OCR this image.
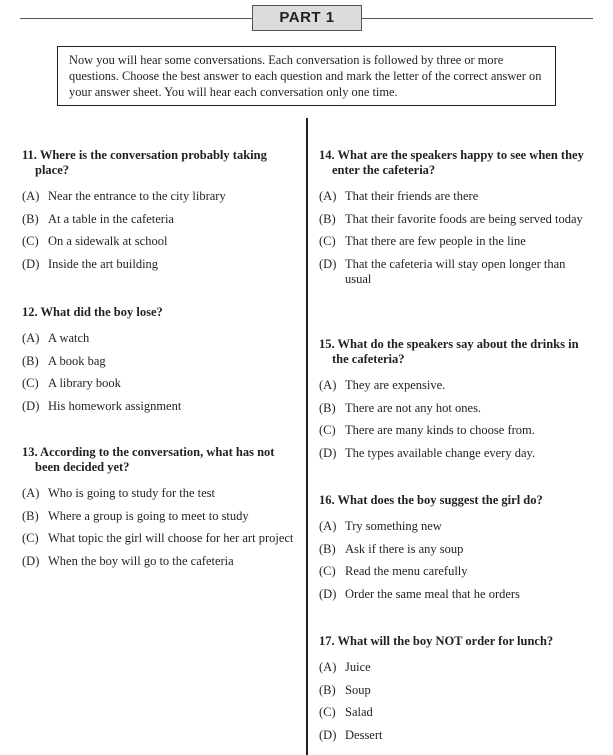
PART 1
Now you will hear some conversations. Each conversation is followed by three or more questions. Choose the best answer to each question and mark the letter of the correct answer on your answer sheet. You will hear each conversation only one time.
11. Where is the conversation probably taking place?
(A) Near the entrance to the city library
(B) At a table in the cafeteria
(C) On a sidewalk at school
(D) Inside the art building
12. What did the boy lose?
(A) A watch
(B) A book bag
(C) A library book
(D) His homework assignment
13. According to the conversation, what has not been decided yet?
(A) Who is going to study for the test
(B) Where a group is going to meet to study
(C) What topic the girl will choose for her art project
(D) When the boy will go to the cafeteria
14. What are the speakers happy to see when they enter the cafeteria?
(A) That their friends are there
(B) That their favorite foods are being served today
(C) That there are few people in the line
(D) That the cafeteria will stay open longer than usual
15. What do the speakers say about the drinks in the cafeteria?
(A) They are expensive.
(B) There are not any hot ones.
(C) There are many kinds to choose from.
(D) The types available change every day.
16. What does the boy suggest the girl do?
(A) Try something new
(B) Ask if there is any soup
(C) Read the menu carefully
(D) Order the same meal that he orders
17. What will the boy NOT order for lunch?
(A) Juice
(B) Soup
(C) Salad
(D) Dessert
